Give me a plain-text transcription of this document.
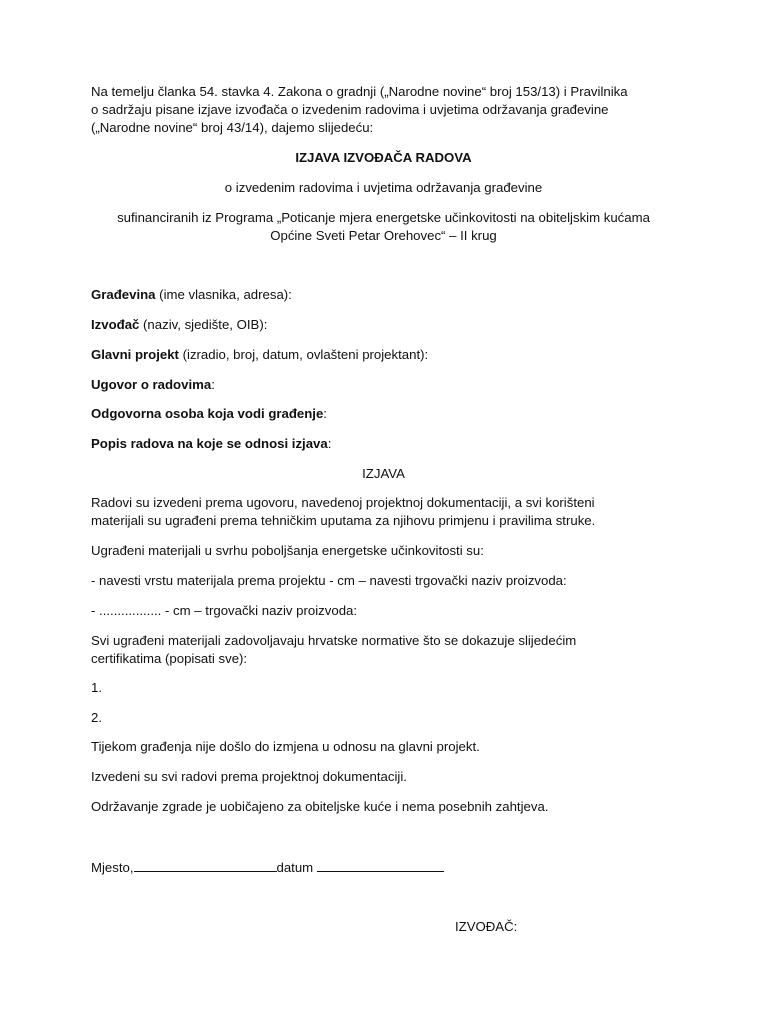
Na temelju članka 54. stavka 4. Zakona o gradnji („Narodne novine“ broj 153/13) i Pravilnika
o sadržaju pisane izjave izvođača o izvedenim radovima i uvjetima održavanja građevine
(„Narodne novine“ broj 43/14), dajemo slijedeću:

IZJAVA IZVOĐAČA RADOVA

o izvedenim radovima i uvjetima održavanja građevine

sufinanciranih iz Programa „Poticanje mjera energetske učinkovitosti na obiteljskim kućama
Općine Sveti Petar Orehovec“ – II krug

Građevina (ime vlasnika, adresa):

Izvođač (naziv, sjedište, OIB):

Glavni projekt (izradio, broj, datum, ovlašteni projektant):

Ugovor o radovima:

Odgovorna osoba koja vodi građenje:

Popis radova na koje se odnosi izjava:

IZJAVA

Radovi su izvedeni prema ugovoru, navedenoj projektnoj dokumentaciji, a svi korišteni
materijali su ugrađeni prema tehničkim uputama za njihovu primjenu i pravilima struke.

Ugrađeni materijali u svrhu poboljšanja energetske učinkovitosti su:

- navesti vrstu materijala prema projektu - cm – navesti trgovački naziv proizvoda:

- ................. - cm – trgovački naziv proizvoda:

Svi ugrađeni materijali zadovoljavaju hrvatske normative što se dokazuje slijedećim
certifikatima (popisati sve):

1.

2.

Tijekom građenja nije došlo do izmjena u odnosu na glavni projekt.

Izvedeni su svi radovi prema projektnoj dokumentaciji.

Održavanje zgrade je uobičajeno za obiteljske kuće i nema posebnih zahtjeva.

Mjesto,	datum

IZVOĐAČ:
